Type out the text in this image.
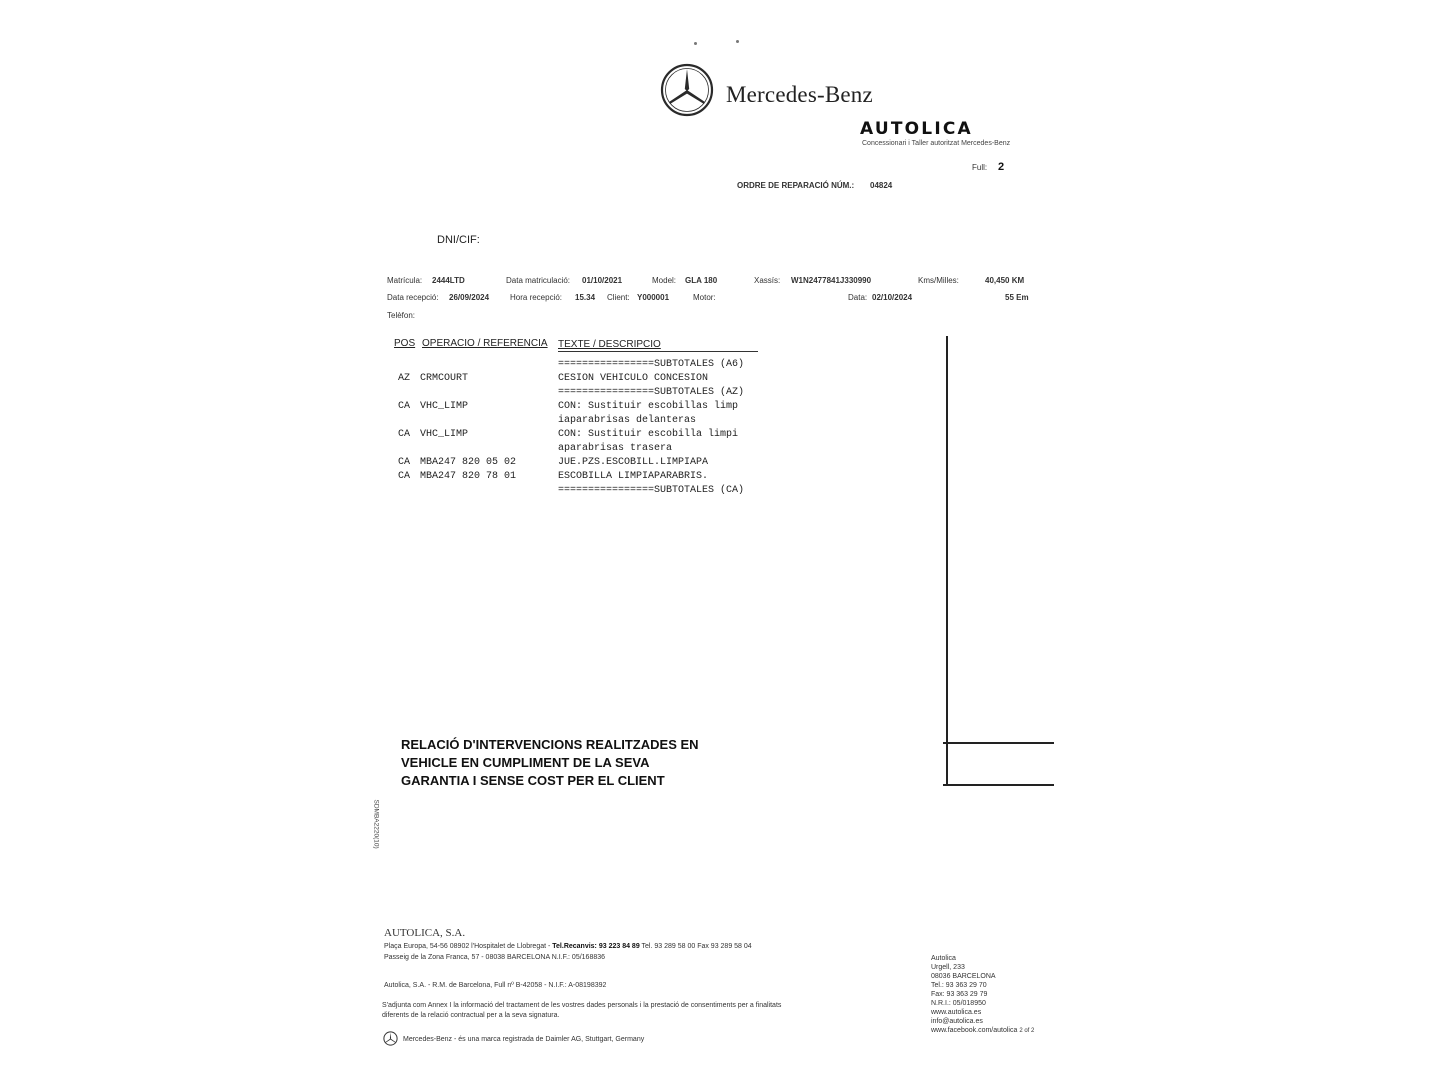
Mercedes-Benz
AUTOLICA
Concessionari i Taller autoritzat Mercedes-Benz
Full: 2
ORDRE DE REPARACIÓ NÚM.: 04824
DNI/CIF:
Matrícula: 2444LTD	Data matriculació: 01/10/2021	Model: GLA 180	Xassís: W1N2477841J330990	Kms/Milles:	40,450 KM
Data recepció: 26/09/2024	Hora recepció: 15.34 Client: Y000001	Motor:	Data: 02/10/2024	55 Em
Telèfon:
POS OPERACIO / REFERENCIA TEXTE / DESCRIPCIO
================SUBTOTALES (A6)
AZ CRMCOURT	CESION VEHICULO CONCESION
================SUBTOTALES (AZ)
CA VHC_LIMP	CON: Sustituir escobillas limp
iaparabrisas delanteras
CA VHC_LIMP	CON: Sustituir escobilla limpi
aparabrisas trasera
CA MBA247 820 05 02	JUE.PZS.ESCOBILL.LIMPIAPA
CA MBA247 820 78 01	ESCOBILLA LIMPIAPARABRIS.
================SUBTOTALES (CA)
RELACIÓ D'INTERVENCIONS REALITZADES EN
VEHICLE EN CUMPLIMENT DE LA SEVA
GARANTIA I SENSE COST PER EL CLIENT
SDMBA2220(10)
AUTOLICA, S.A.
Plaça Europa, 54-56 08902 l'Hospitalet de Llobregat - Tel.Recanvis: 93 223 84 89 Tel. 93 289 58 00 Fax 93 289 58 04
Passeig de la Zona Franca, 57 - 08038 BARCELONA N.I.F.: 05/168836
Autolica, S.A. - R.M. de Barcelona, Full nº B-42058 - N.I.F.: A-08198392
S'adjunta com Annex I la informació del tractament de les vostres dades personals i la prestació de consentiments per a finalitats
diferents de la relació contractual per a la seva signatura.
Mercedes-Benz - és una marca registrada de Daimler AG, Stuttgart, Germany
Autolica
Urgell, 233
08036 BARCELONA
Tel.: 93 363 29 70
Fax: 93 363 29 79
N.R.I.: 05/018950
www.autolica.es
info@autolica.es
www.facebook.com/autolica 2 of 2
